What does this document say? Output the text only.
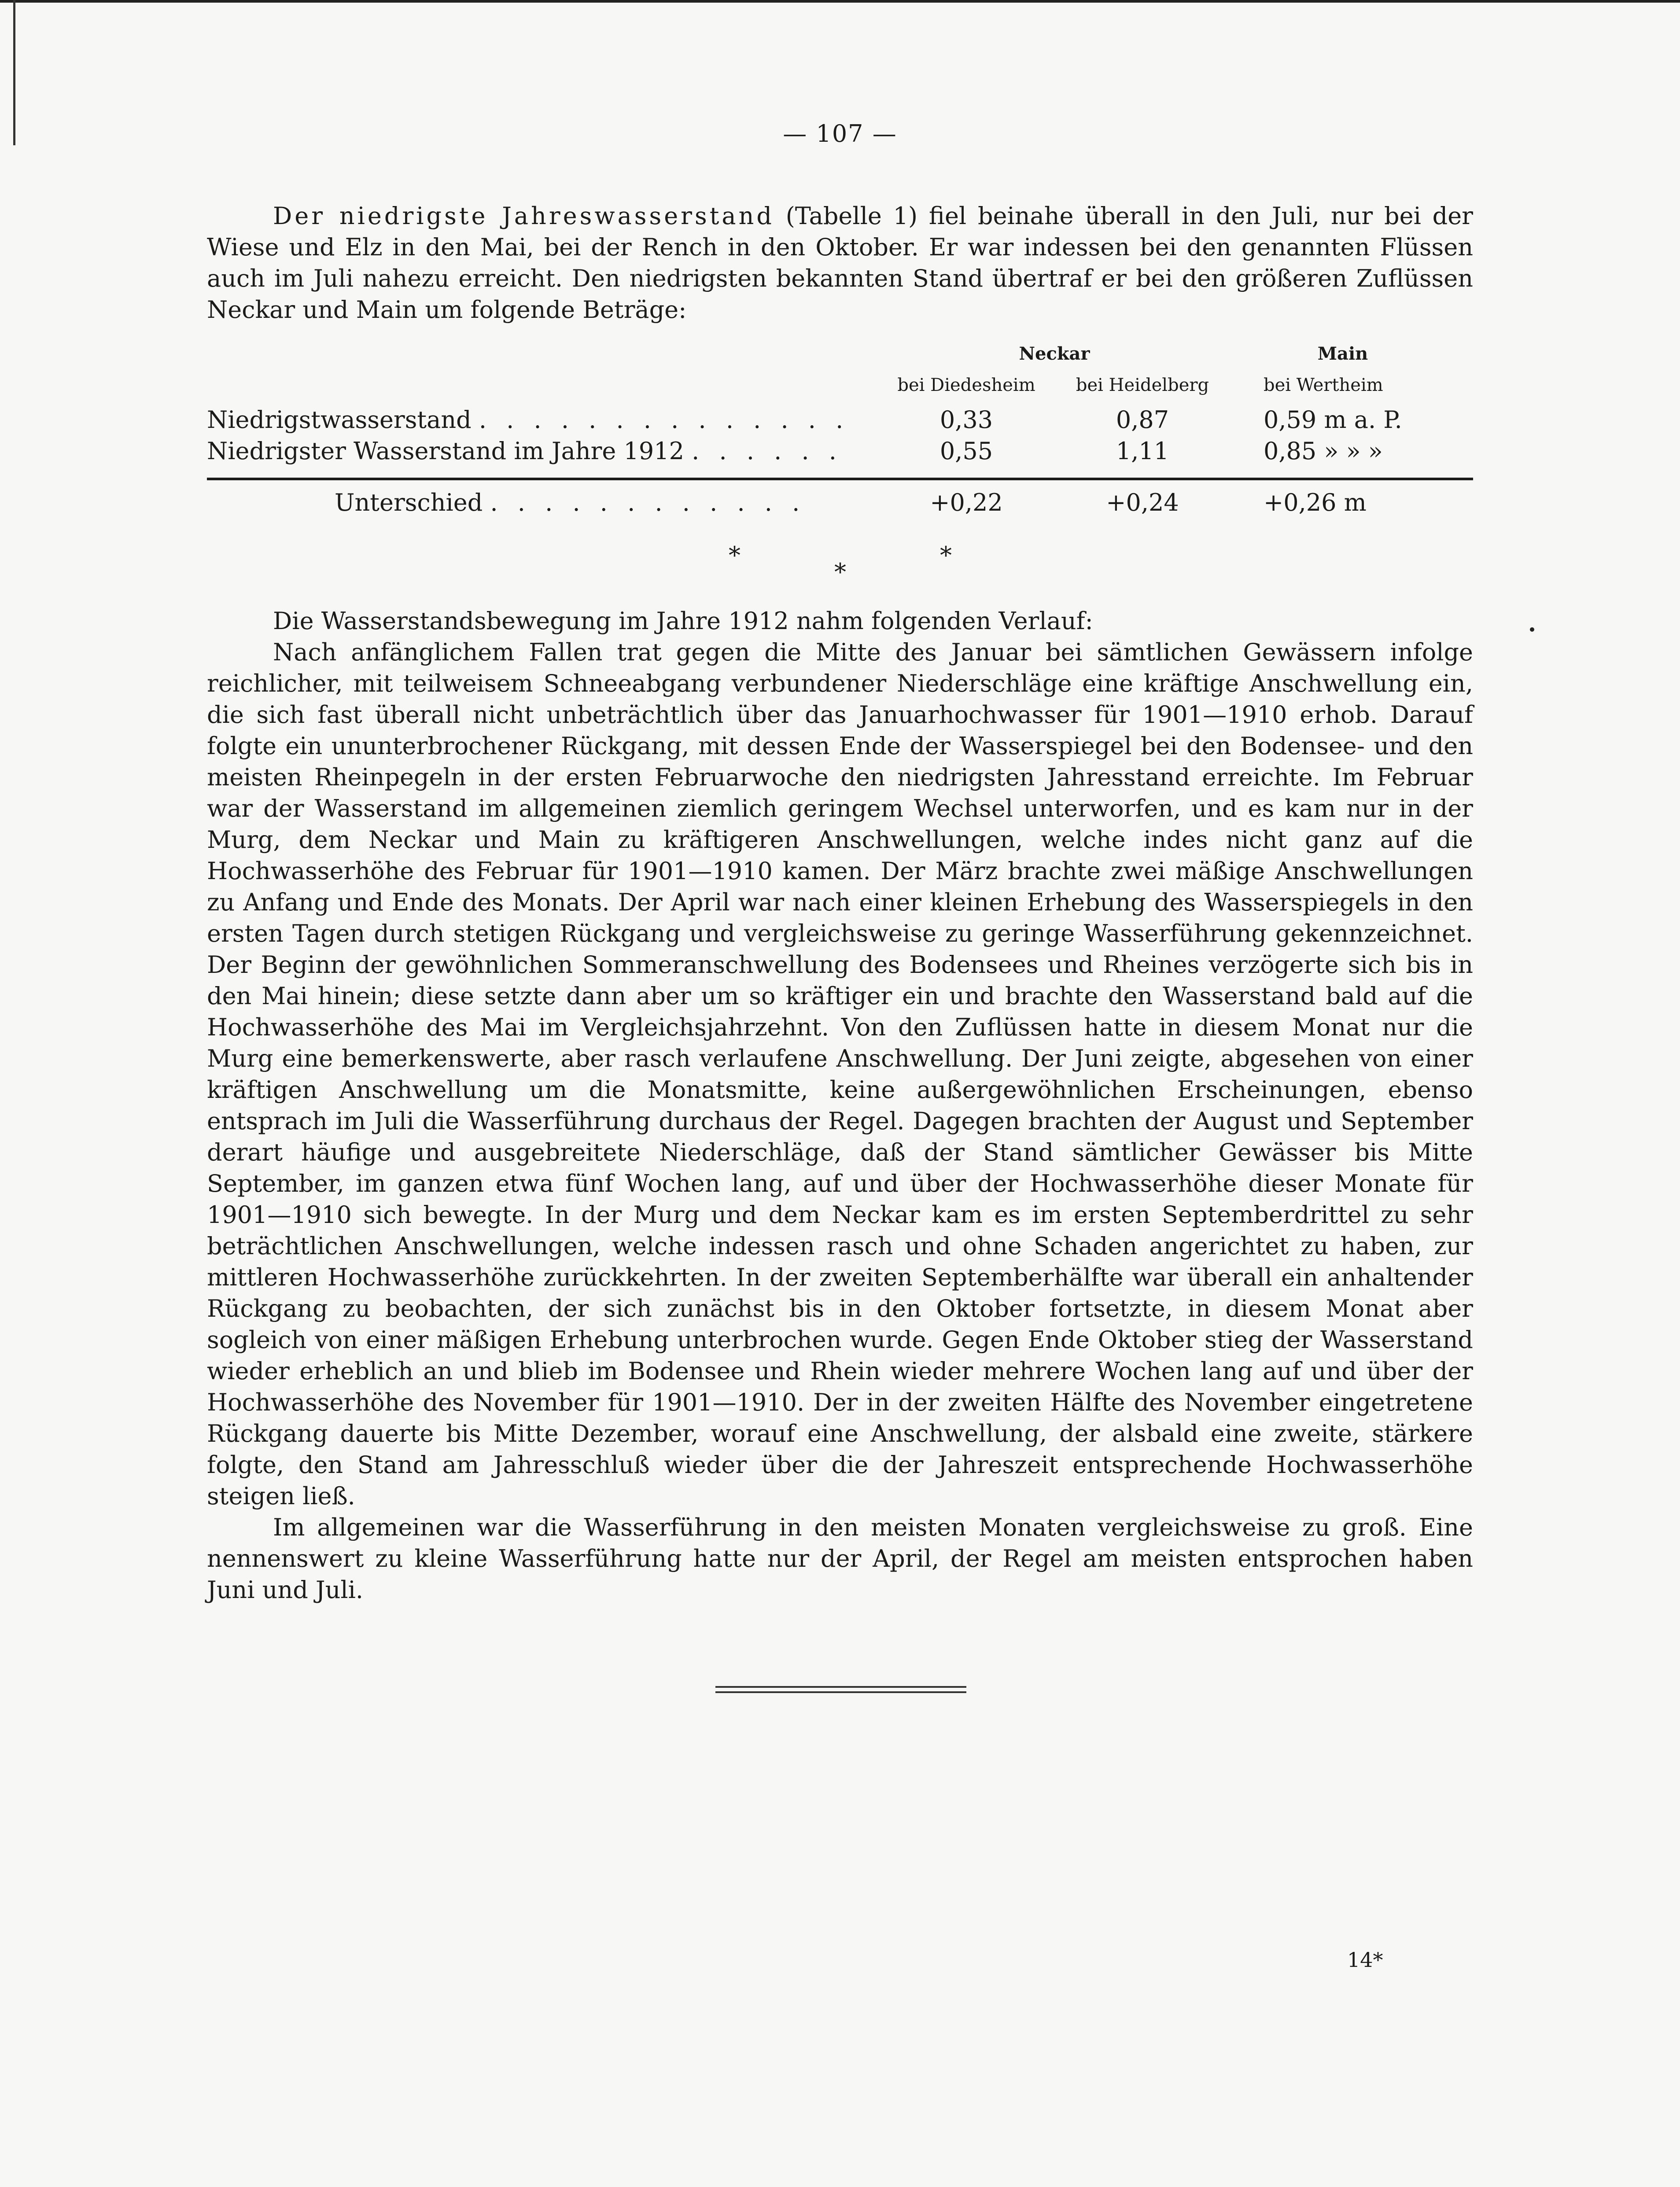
— 107 —

Der niedrigste Jahreswasserstand (Tabelle 1) fiel beinahe überall in den Juli, nur bei der Wiese und Elz in den Mai, bei der Rench in den Oktober. Er war indessen bei den genannten Flüssen auch im Juli nahezu erreicht. Den niedrigsten bekannten Stand übertraf er bei den größeren Zuflüssen Neckar und Main um folgende Beträge:

Neckar	Main
bei Diedesheim	bei Heidelberg	bei Wertheim
Niedrigstwasserstand . . . . . . . . . . . . . .	0,33	0,87	0,59 m a. P.
Niedrigster Wasserstand im Jahre 1912 . . . . . .	0,55	1,11	0,85 » » »
Unterschied . . . . . . . . . . . .	+0,22	+0,24	+0,26 m
*
*
*

Die Wasserstandsbewegung im Jahre 1912 nahm folgenden Verlauf:

Nach anfänglichem Fallen trat gegen die Mitte des Januar bei sämtlichen Gewässern infolge reichlicher, mit teilweisem Schneeabgang verbundener Niederschläge eine kräftige Anschwellung ein, die sich fast überall nicht unbeträchtlich über das Januarhochwasser für 1901—1910 erhob. Darauf folgte ein ununterbrochener Rückgang, mit dessen Ende der Wasserspiegel bei den Bodensee- und den meisten Rheinpegeln in der ersten Februarwoche den niedrigsten Jahresstand erreichte. Im Februar war der Wasserstand im allgemeinen ziemlich geringem Wechsel unterworfen, und es kam nur in der Murg, dem Neckar und Main zu kräftigeren Anschwellungen, welche indes nicht ganz auf die Hochwasserhöhe des Februar für 1901—1910 kamen. Der März brachte zwei mäßige Anschwellungen zu Anfang und Ende des Monats. Der April war nach einer kleinen Erhebung des Wasserspiegels in den ersten Tagen durch stetigen Rückgang und vergleichsweise zu geringe Wasserführung gekennzeichnet. Der Beginn der gewöhnlichen Sommeranschwellung des Bodensees und Rheines verzögerte sich bis in den Mai hinein; diese setzte dann aber um so kräftiger ein und brachte den Wasserstand bald auf die Hochwasserhöhe des Mai im Vergleichsjahrzehnt. Von den Zuflüssen hatte in diesem Monat nur die Murg eine bemerkenswerte, aber rasch verlaufene Anschwellung. Der Juni zeigte, abgesehen von einer kräftigen Anschwellung um die Monatsmitte, keine außergewöhnlichen Erscheinungen, ebenso entsprach im Juli die Wasserführung durchaus der Regel. Dagegen brachten der August und September derart häufige und ausgebreitete Niederschläge, daß der Stand sämtlicher Gewässer bis Mitte September, im ganzen etwa fünf Wochen lang, auf und über der Hochwasserhöhe dieser Monate für 1901—1910 sich bewegte. In der Murg und dem Neckar kam es im ersten Septemberdrittel zu sehr beträchtlichen Anschwellungen, welche indessen rasch und ohne Schaden angerichtet zu haben, zur mittleren Hochwasserhöhe zurückkehrten. In der zweiten Septemberhälfte war überall ein anhaltender Rückgang zu beobachten, der sich zunächst bis in den Oktober fortsetzte, in diesem Monat aber sogleich von einer mäßigen Erhebung unterbrochen wurde. Gegen Ende Oktober stieg der Wasserstand wieder erheblich an und blieb im Bodensee und Rhein wieder mehrere Wochen lang auf und über der Hochwasserhöhe des November für 1901—1910. Der in der zweiten Hälfte des November eingetretene Rückgang dauerte bis Mitte Dezember, worauf eine Anschwellung, der alsbald eine zweite, stärkere folgte, den Stand am Jahresschluß wieder über die der Jahreszeit entsprechende Hochwasserhöhe steigen ließ.

Im allgemeinen war die Wasserführung in den meisten Monaten vergleichsweise zu groß. Eine nennenswert zu kleine Wasserführung hatte nur der April, der Regel am meisten entsprochen haben Juni und Juli.

14*
